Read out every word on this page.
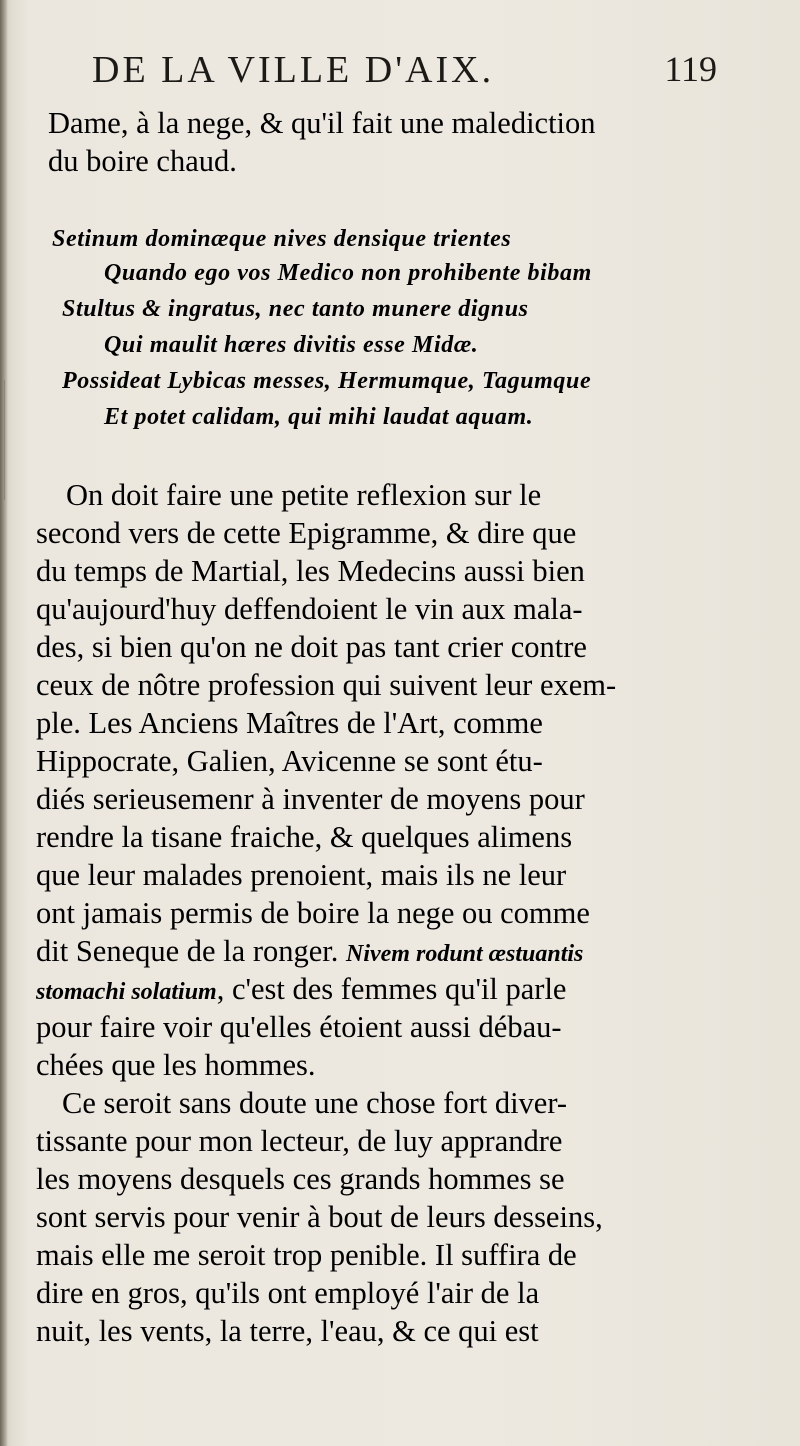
DE LA VILLE D'AIX.	119
Dame, à la nege, & qu'il fait une malediction
du boire chaud.
Setinum dominæque nives densique trientes
Quando ego vos Medico non prohibente bibam
Stultus & ingratus, nec tanto munere dignus
Qui maulit hæres divitis esse Midæ.
Possideat Lybicas messes, Hermumque, Tagumque
Et potet calidam, qui mihi laudat aquam.
On doit faire une petite reflexion sur le
second vers de cette Epigramme, & dire que
du temps de Martial, les Medecins aussi bien
qu'aujourd'huy deffendoient le vin aux mala-
des, si bien qu'on ne doit pas tant crier contre
ceux de nôtre profession qui suivent leur exem-
ple. Les Anciens Maîtres de l'Art, comme
Hippocrate, Galien, Avicenne se sont étu-
diés serieusemenr à inventer de moyens pour
rendre la tisane fraiche, & quelques alimens
que leur malades prenoient, mais ils ne leur
ont jamais permis de boire la nege ou comme
dit Seneque de la ronger. Nivem rodunt æstuantis
stomachi solatium, c'est des femmes qu'il parle
pour faire voir qu'elles étoient aussi débau-
chées que les hommes.
Ce seroit sans doute une chose fort diver-
tissante pour mon lecteur, de luy apprandre
les moyens desquels ces grands hommes se
sont servis pour venir à bout de leurs desseins,
mais elle me seroit trop penible. Il suffira de
dire en gros, qu'ils ont employé l'air de la
nuit, les vents, la terre, l'eau, & ce qui est
